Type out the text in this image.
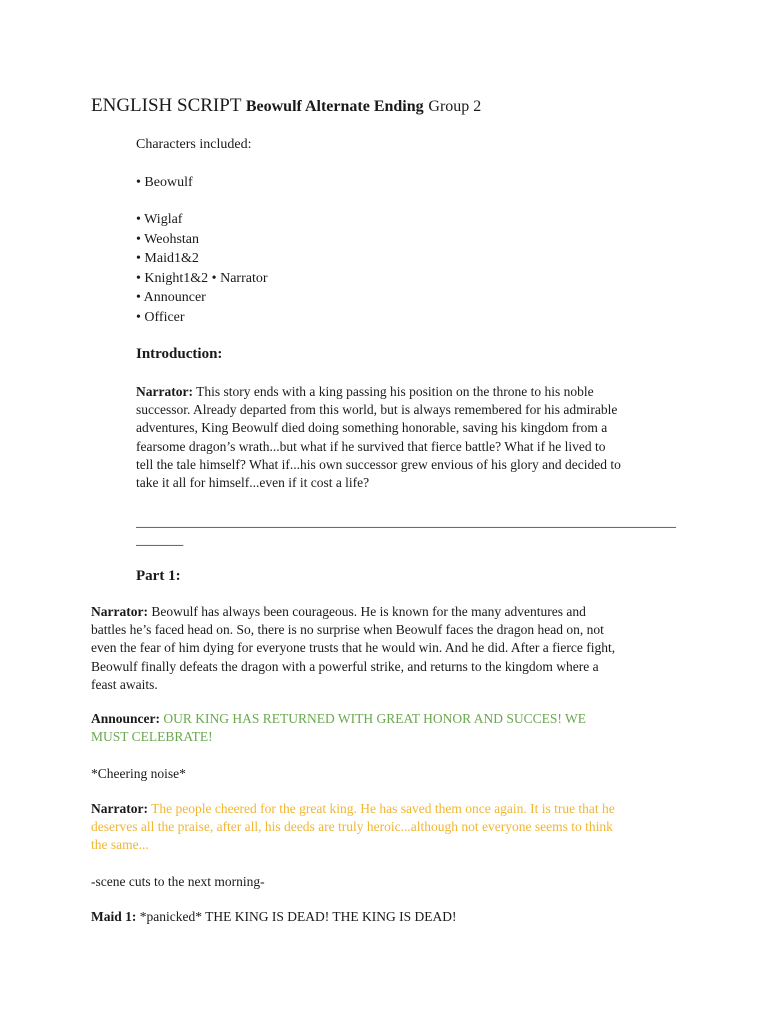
ENGLISH SCRIPT Beowulf Alternate Ending Group 2
Characters included:
• Beowulf
• Wiglaf
• Weohstan
• Maid1&2
• Knight1&2 • Narrator
• Announcer
• Officer
Introduction:
Narrator: This story ends with a king passing his position on the throne to his noble
successor. Already departed from this world, but is always remembered for his admirable
adventures, King Beowulf died doing something honorable, saving his kingdom from a
fearsome dragon’s wrath...but what if he survived that fierce battle? What if he lived to
tell the tale himself? What if...his own successor grew envious of his glory and decided to
take it all for himself...even if it cost a life?
________________________________________________________________________________
_______
Part 1:
Narrator: Beowulf has always been courageous. He is known for the many adventures and
battles he’s faced head on. So, there is no surprise when Beowulf faces the dragon head on, not
even the fear of him dying for everyone trusts that he would win. And he did. After a fierce fight,
Beowulf finally defeats the dragon with a powerful strike, and returns to the kingdom where a
feast awaits.
Announcer: OUR KING HAS RETURNED WITH GREAT HONOR AND SUCCES! WE
MUST CELEBRATE!
*Cheering noise*
Narrator: The people cheered for the great king. He has saved them once again. It is true that he
deserves all the praise, after all, his deeds are truly heroic...although not everyone seems to think
the same...
-scene cuts to the next morning-
Maid 1: *panicked* THE KING IS DEAD! THE KING IS DEAD!
